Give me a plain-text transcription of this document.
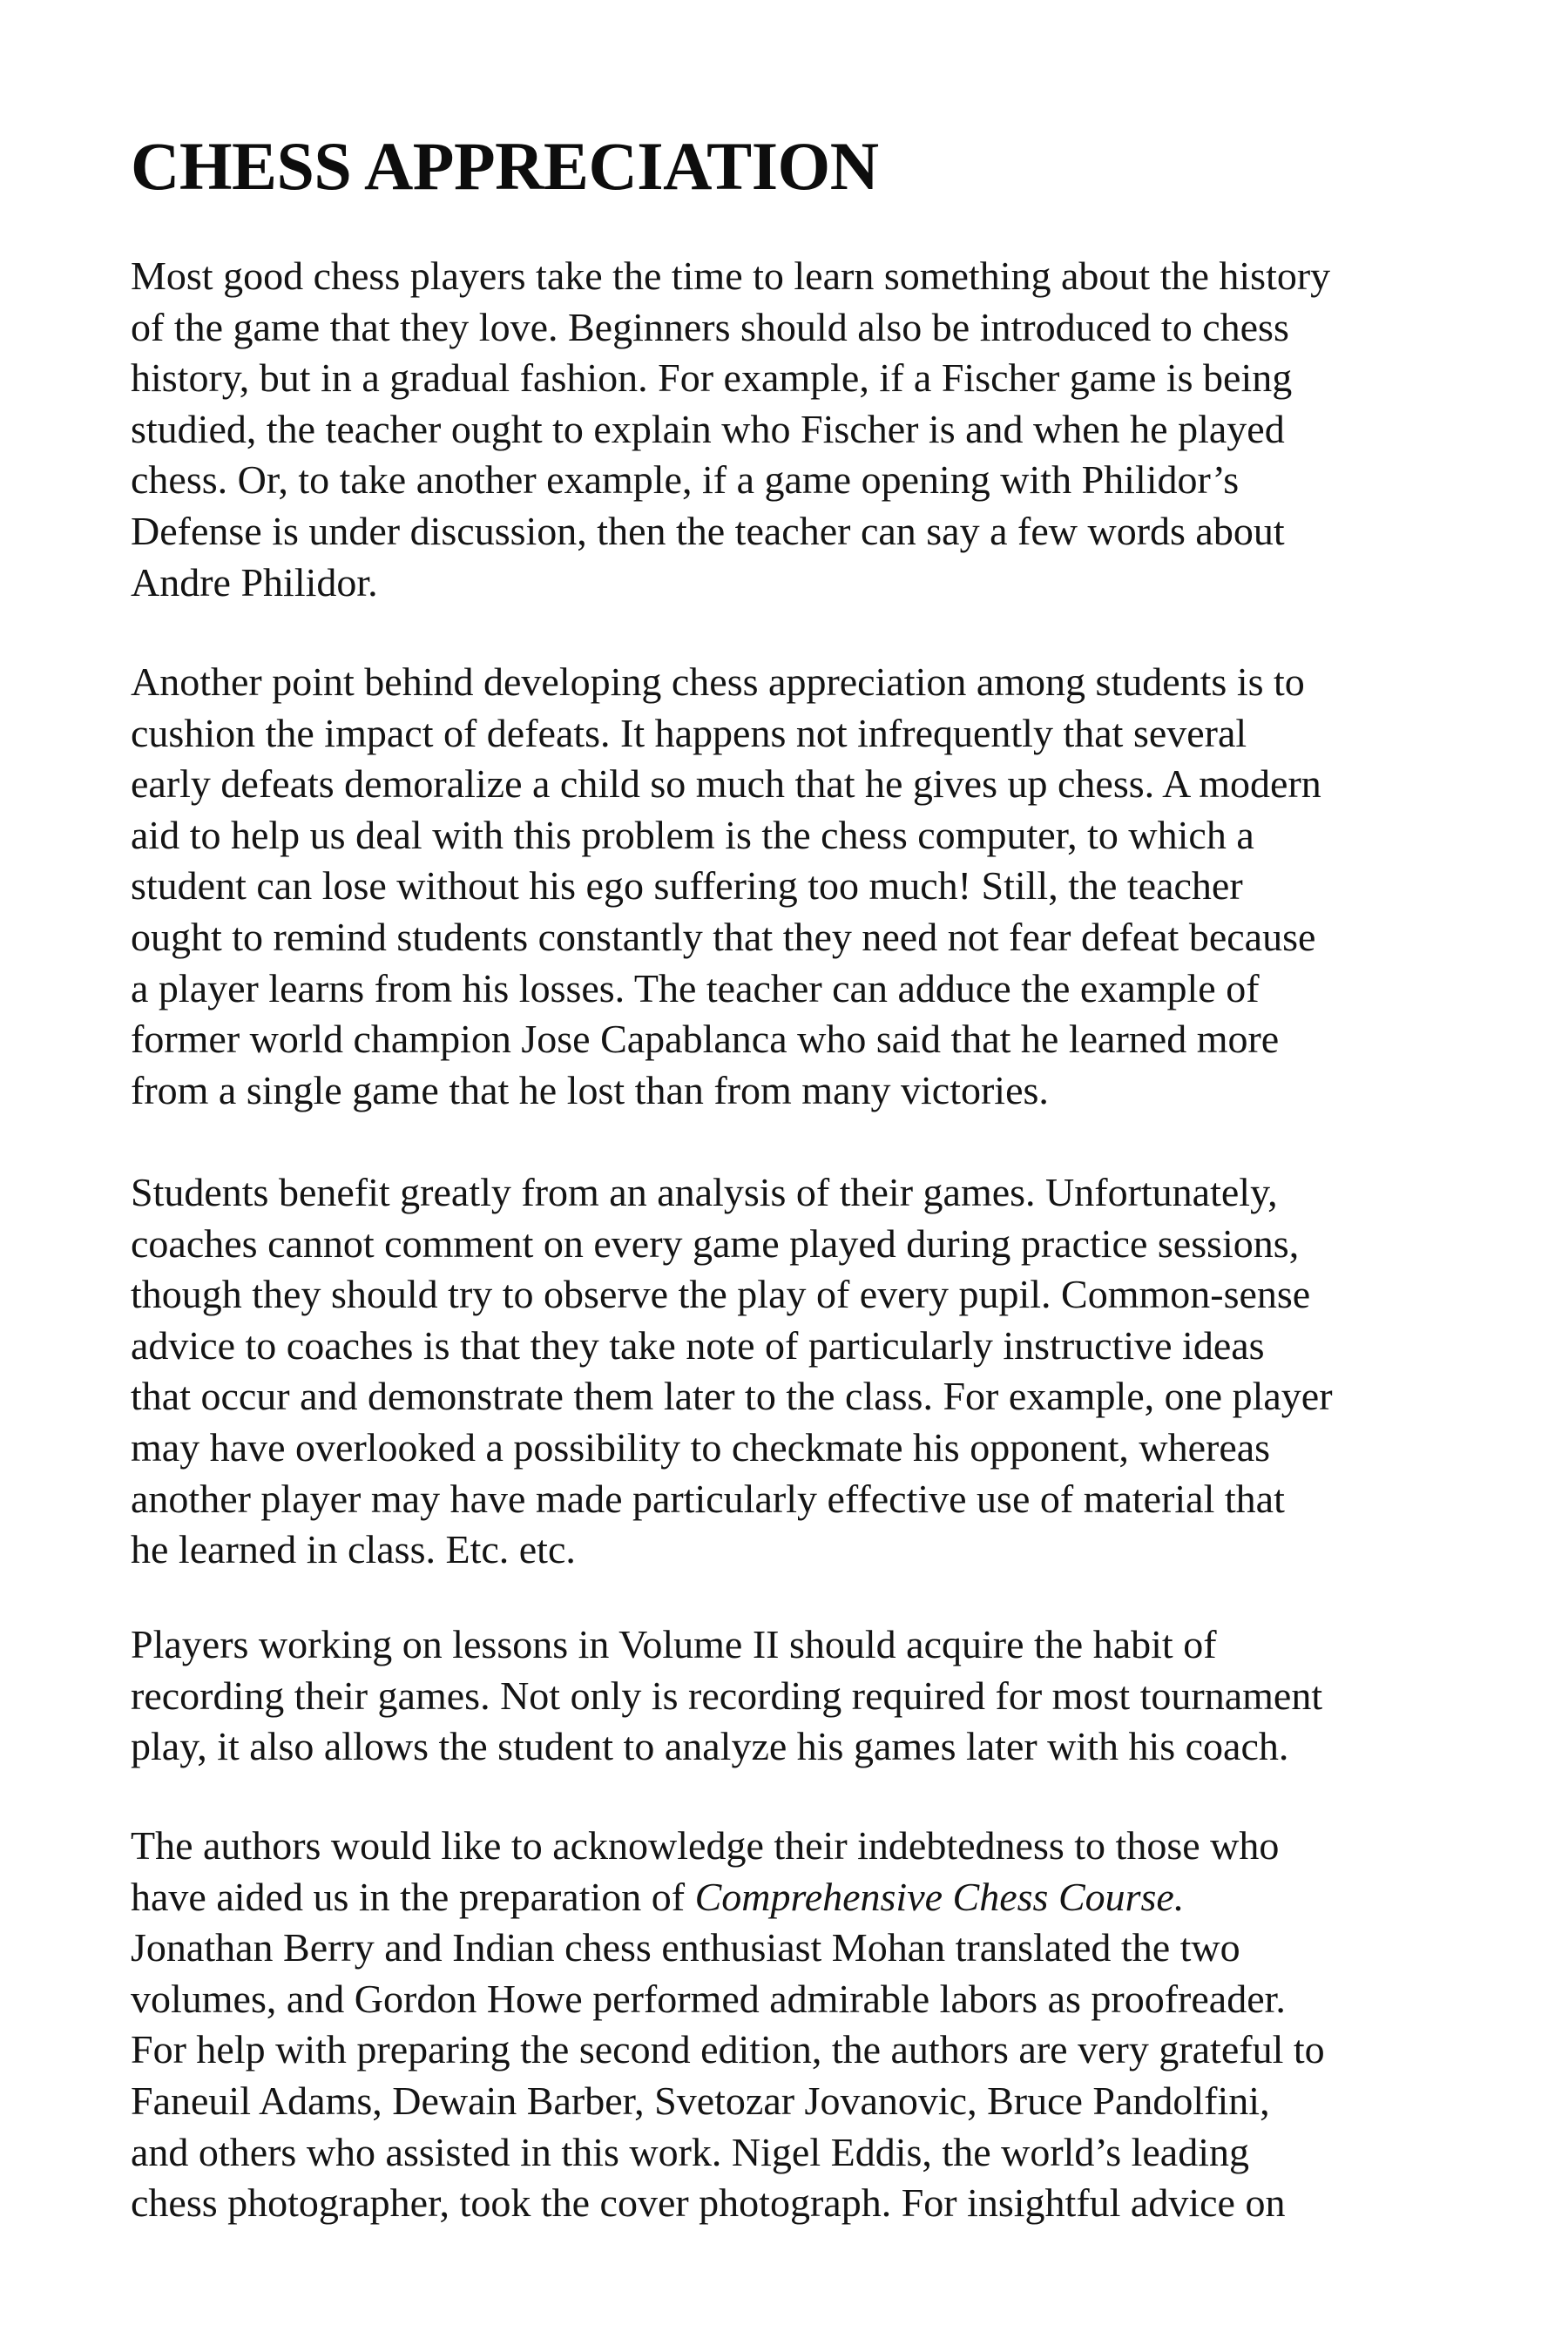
CHESS APPRECIATION
Most good chess players take the time to learn something about the history
of the game that they love. Beginners should also be introduced to chess
history, but in a gradual fashion. For example, if a Fischer game is being
studied, the teacher ought to explain who Fischer is and when he played
chess. Or, to take another example, if a game opening with Philidor’s
Defense is under discussion, then the teacher can say a few words about
Andre Philidor.
Another point behind developing chess appreciation among students is to
cushion the impact of defeats. It happens not infrequently that several
early defeats demoralize a child so much that he gives up chess. A modern
aid to help us deal with this problem is the chess computer, to which a
student can lose without his ego suffering too much! Still, the teacher
ought to remind students constantly that they need not fear defeat because
a player learns from his losses. The teacher can adduce the example of
former world champion Jose Capablanca who said that he learned more
from a single game that he lost than from many victories.
Students benefit greatly from an analysis of their games. Unfortunately,
coaches cannot comment on every game played during practice sessions,
though they should try to observe the play of every pupil. Common-sense
advice to coaches is that they take note of particularly instructive ideas
that occur and demonstrate them later to the class. For example, one player
may have overlooked a possibility to checkmate his opponent, whereas
another player may have made particularly effective use of material that
he learned in class. Etc. etc.
Players working on lessons in Volume II should acquire the habit of
recording their games. Not only is recording required for most tournament
play, it also allows the student to analyze his games later with his coach.
The authors would like to acknowledge their indebtedness to those who
have aided us in the preparation of Comprehensive Chess Course.
Jonathan Berry and Indian chess enthusiast Mohan translated the two
volumes, and Gordon Howe performed admirable labors as proofreader.
For help with preparing the second edition, the authors are very grateful to
Faneuil Adams, Dewain Barber, Svetozar Jovanovic, Bruce Pandolfini,
and others who assisted in this work. Nigel Eddis, the world’s leading
chess photographer, took the cover photograph. For insightful advice on
